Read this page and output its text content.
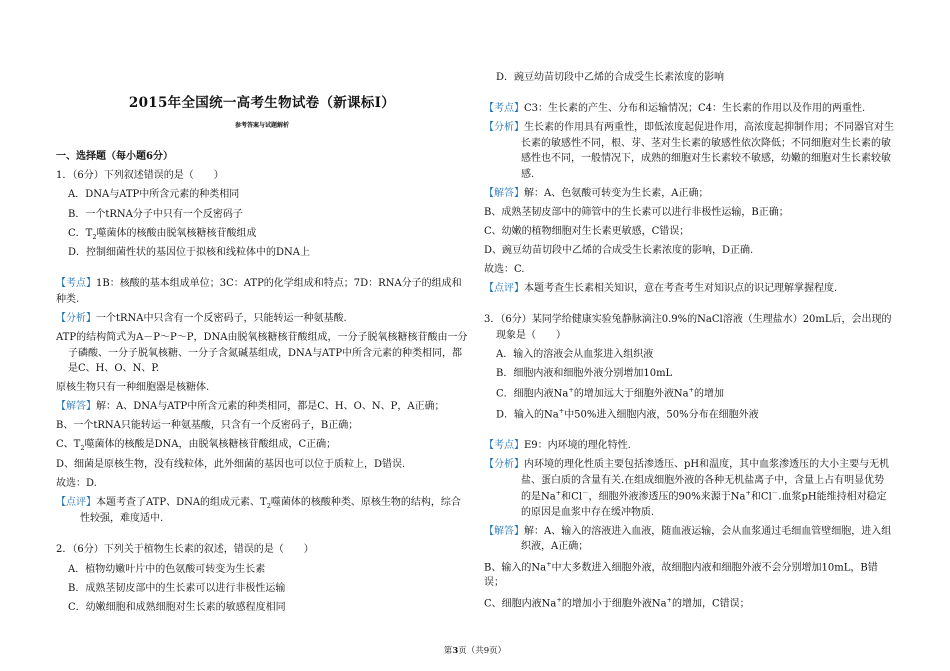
2015年全国统一高考生物试卷（新课标Ⅰ）
参考答案与试题解析
一、选择题（每小题6分）

1．（6分）下列叙述错误的是（　　）

A．DNA与ATP中所含元素的种类相同

B．一个tRNA分子中只有一个反密码子

C．$T_2$噬菌体的核酸由脱氧核糖核苷酸组成

D．控制细菌性状的基因位于拟核和线粒体中的DNA上

【考点】1B：核酸的基本组成单位；3C：ATP的化学组成和特点；7D：RNA分子的组成和种类.

【分析】一个tRNA中只含有一个反密码子，只能转运一种氨基酸.

ATP的结构简式为A－P～P～P，DNA由脱氧核糖核苷酸组成，一分子脱氧核糖核苷酸由一分子磷酸、一分子脱氧核糖、一分子含氮碱基组成，DNA与ATP中所含元素的种类相同，都是C、H、O、N、P.

原核生物只有一种细胞器是核糖体.

【解答】解：A、DNA与ATP中所含元素的种类相同，都是C、H、O、N、P，A正确；

B、一个tRNA只能转运一种氨基酸，只含有一个反密码子，B正确；

C、$T_2$噬菌体的核酸是DNA，由脱氧核糖核苷酸组成，C正确；

D、细菌是原核生物，没有线粒体，此外细菌的基因也可以位于质粒上，D错误.

故选：D.

【点评】本题考查了ATP、DNA的组成元素、$T_2$噬菌体的核酸种类、原核生物的结构，综合性较强，难度适中.

2．（6分）下列关于植物生长素的叙述，错误的是（　　）

A．植物幼嫩叶片中的色氨酸可转变为生长素

B．成熟茎韧皮部中的生长素可以进行非极性运输

C．幼嫩细胞和成熟细胞对生长素的敏感程度相同

D．豌豆幼苗切段中乙烯的合成受生长素浓度的影响

【考点】C3：生长素的产生、分布和运输情况；C4：生长素的作用以及作用的两重性.

【分析】生长素的作用具有两重性，即低浓度起促进作用，高浓度起抑制作用；不同器官对生长素的敏感性不同，根、芽、茎对生长素的敏感性依次降低；不同细胞对生长素的敏感性也不同，一般情况下，成熟的细胞对生长素较不敏感，幼嫩的细胞对生长素较敏感.

【解答】解：A、色氨酸可转变为生长素，A正确；

B、成熟茎韧皮部中的筛管中的生长素可以进行非极性运输，B正确；

C、幼嫩的植物细胞对生长素更敏感，C错误；

D、豌豆幼苗切段中乙烯的合成受生长素浓度的影响，D正确.

故选：C.

【点评】本题考查生长素相关知识，意在考查考生对知识点的识记理解掌握程度.

3．（6分）某同学给健康实验兔静脉滴注0.9%的NaCl溶液（生理盐水）20mL后，会出现的现象是（　　）

A．输入的溶液会从血浆进入组织液

B．细胞内液和细胞外液分别增加10mL

C．细胞内液Na+的增加远大于细胞外液Na+的增加

D．输入的Na+中50%进入细胞内液，50%分布在细胞外液

【考点】E9：内环境的理化特性.

【分析】内环境的理化性质主要包括渗透压、pH和温度，其中血浆渗透压的大小主要与无机盐、蛋白质的含量有关.在组成细胞外液的各种无机盐离子中，含量上占有明显优势的是Na+和Cl－，细胞外液渗透压的90%来源于Na+和Cl－.血浆pH能维持相对稳定的原因是血浆中存在缓冲物质.

【解答】解：A、输入的溶液进入血液，随血液运输，会从血浆通过毛细血管壁细胞，进入组织液，A正确；

B、输入的Na+中大多数进入细胞外液，故细胞内液和细胞外液不会分别增加10mL，B错误；

C、细胞内液Na+的增加小于细胞外液Na+的增加，C错误；

第3页（共9页）
